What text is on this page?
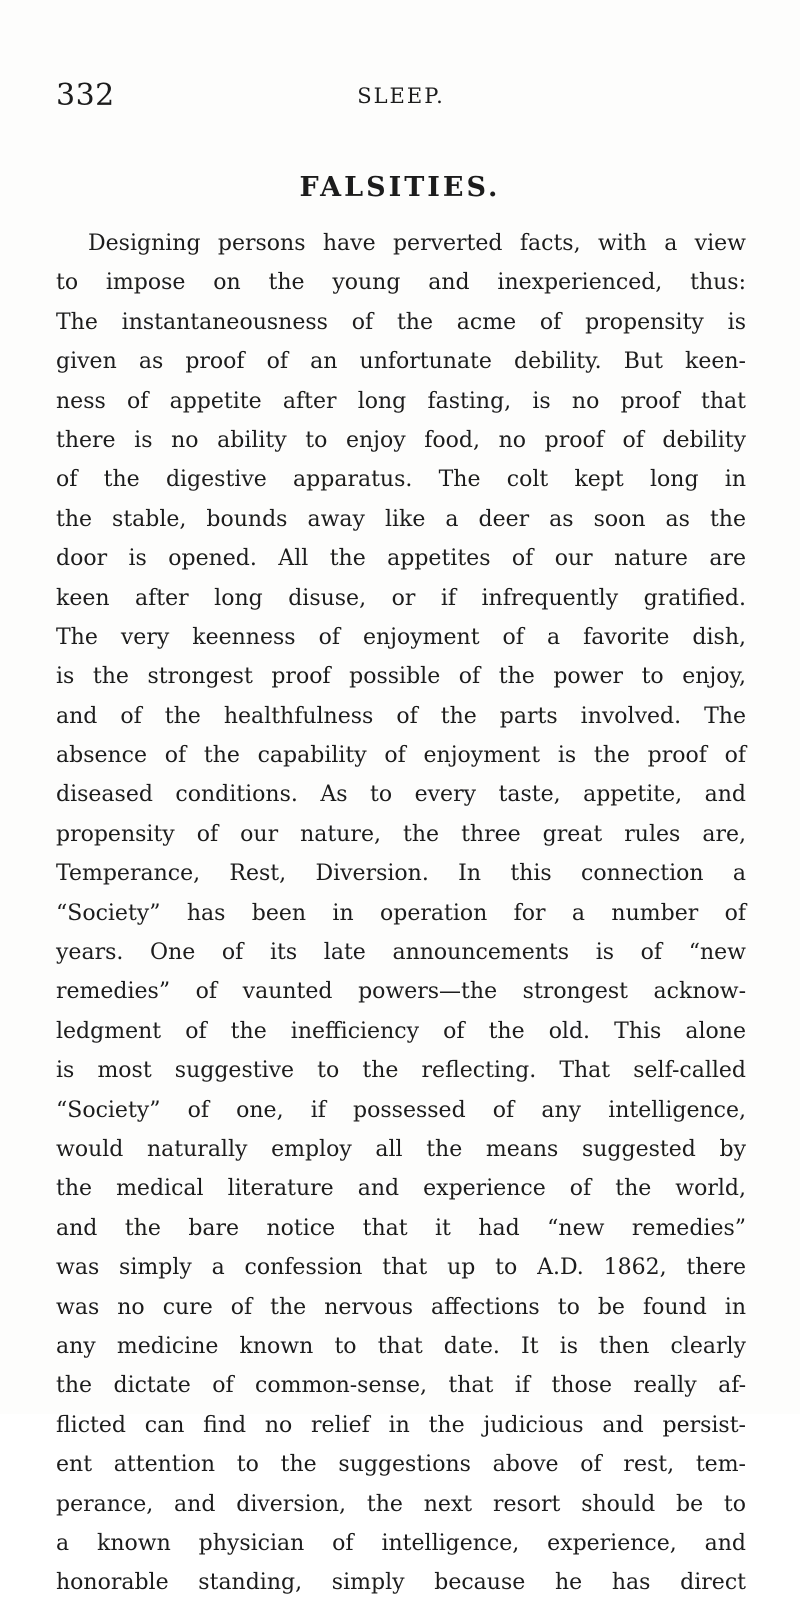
332	SLEEP.
FALSITIES.
Designing persons have perverted facts, with a view
to impose on the young and inexperienced, thus:
The instantaneousness of the acme of propensity is
given as proof of an unfortunate debility. But keen-
ness of appetite after long fasting, is no proof that
there is no ability to enjoy food, no proof of debility
of the digestive apparatus. The colt kept long in
the stable, bounds away like a deer as soon as the
door is opened. All the appetites of our nature are
keen after long disuse, or if infrequently gratified.
The very keenness of enjoyment of a favorite dish,
is the strongest proof possible of the power to enjoy,
and of the healthfulness of the parts involved. The
absence of the capability of enjoyment is the proof of
diseased conditions. As to every taste, appetite, and
propensity of our nature, the three great rules are,
Temperance, Rest, Diversion. In this connection a
“Society” has been in operation for a number of
years. One of its late announcements is of “new
remedies” of vaunted powers—the strongest acknow-
ledgment of the inefficiency of the old. This alone
is most suggestive to the reflecting. That self-called
“Society” of one, if possessed of any intelligence,
would naturally employ all the means suggested by
the medical literature and experience of the world,
and the bare notice that it had “new remedies”
was simply a confession that up to A.D. 1862, there
was no cure of the nervous affections to be found in
any medicine known to that date. It is then clearly
the dictate of common-sense, that if those really af-
flicted can find no relief in the judicious and persist-
ent attention to the suggestions above of rest, tem-
perance, and diversion, the next resort should be to
a known physician of intelligence, experience, and
honorable standing, simply because he has direct
